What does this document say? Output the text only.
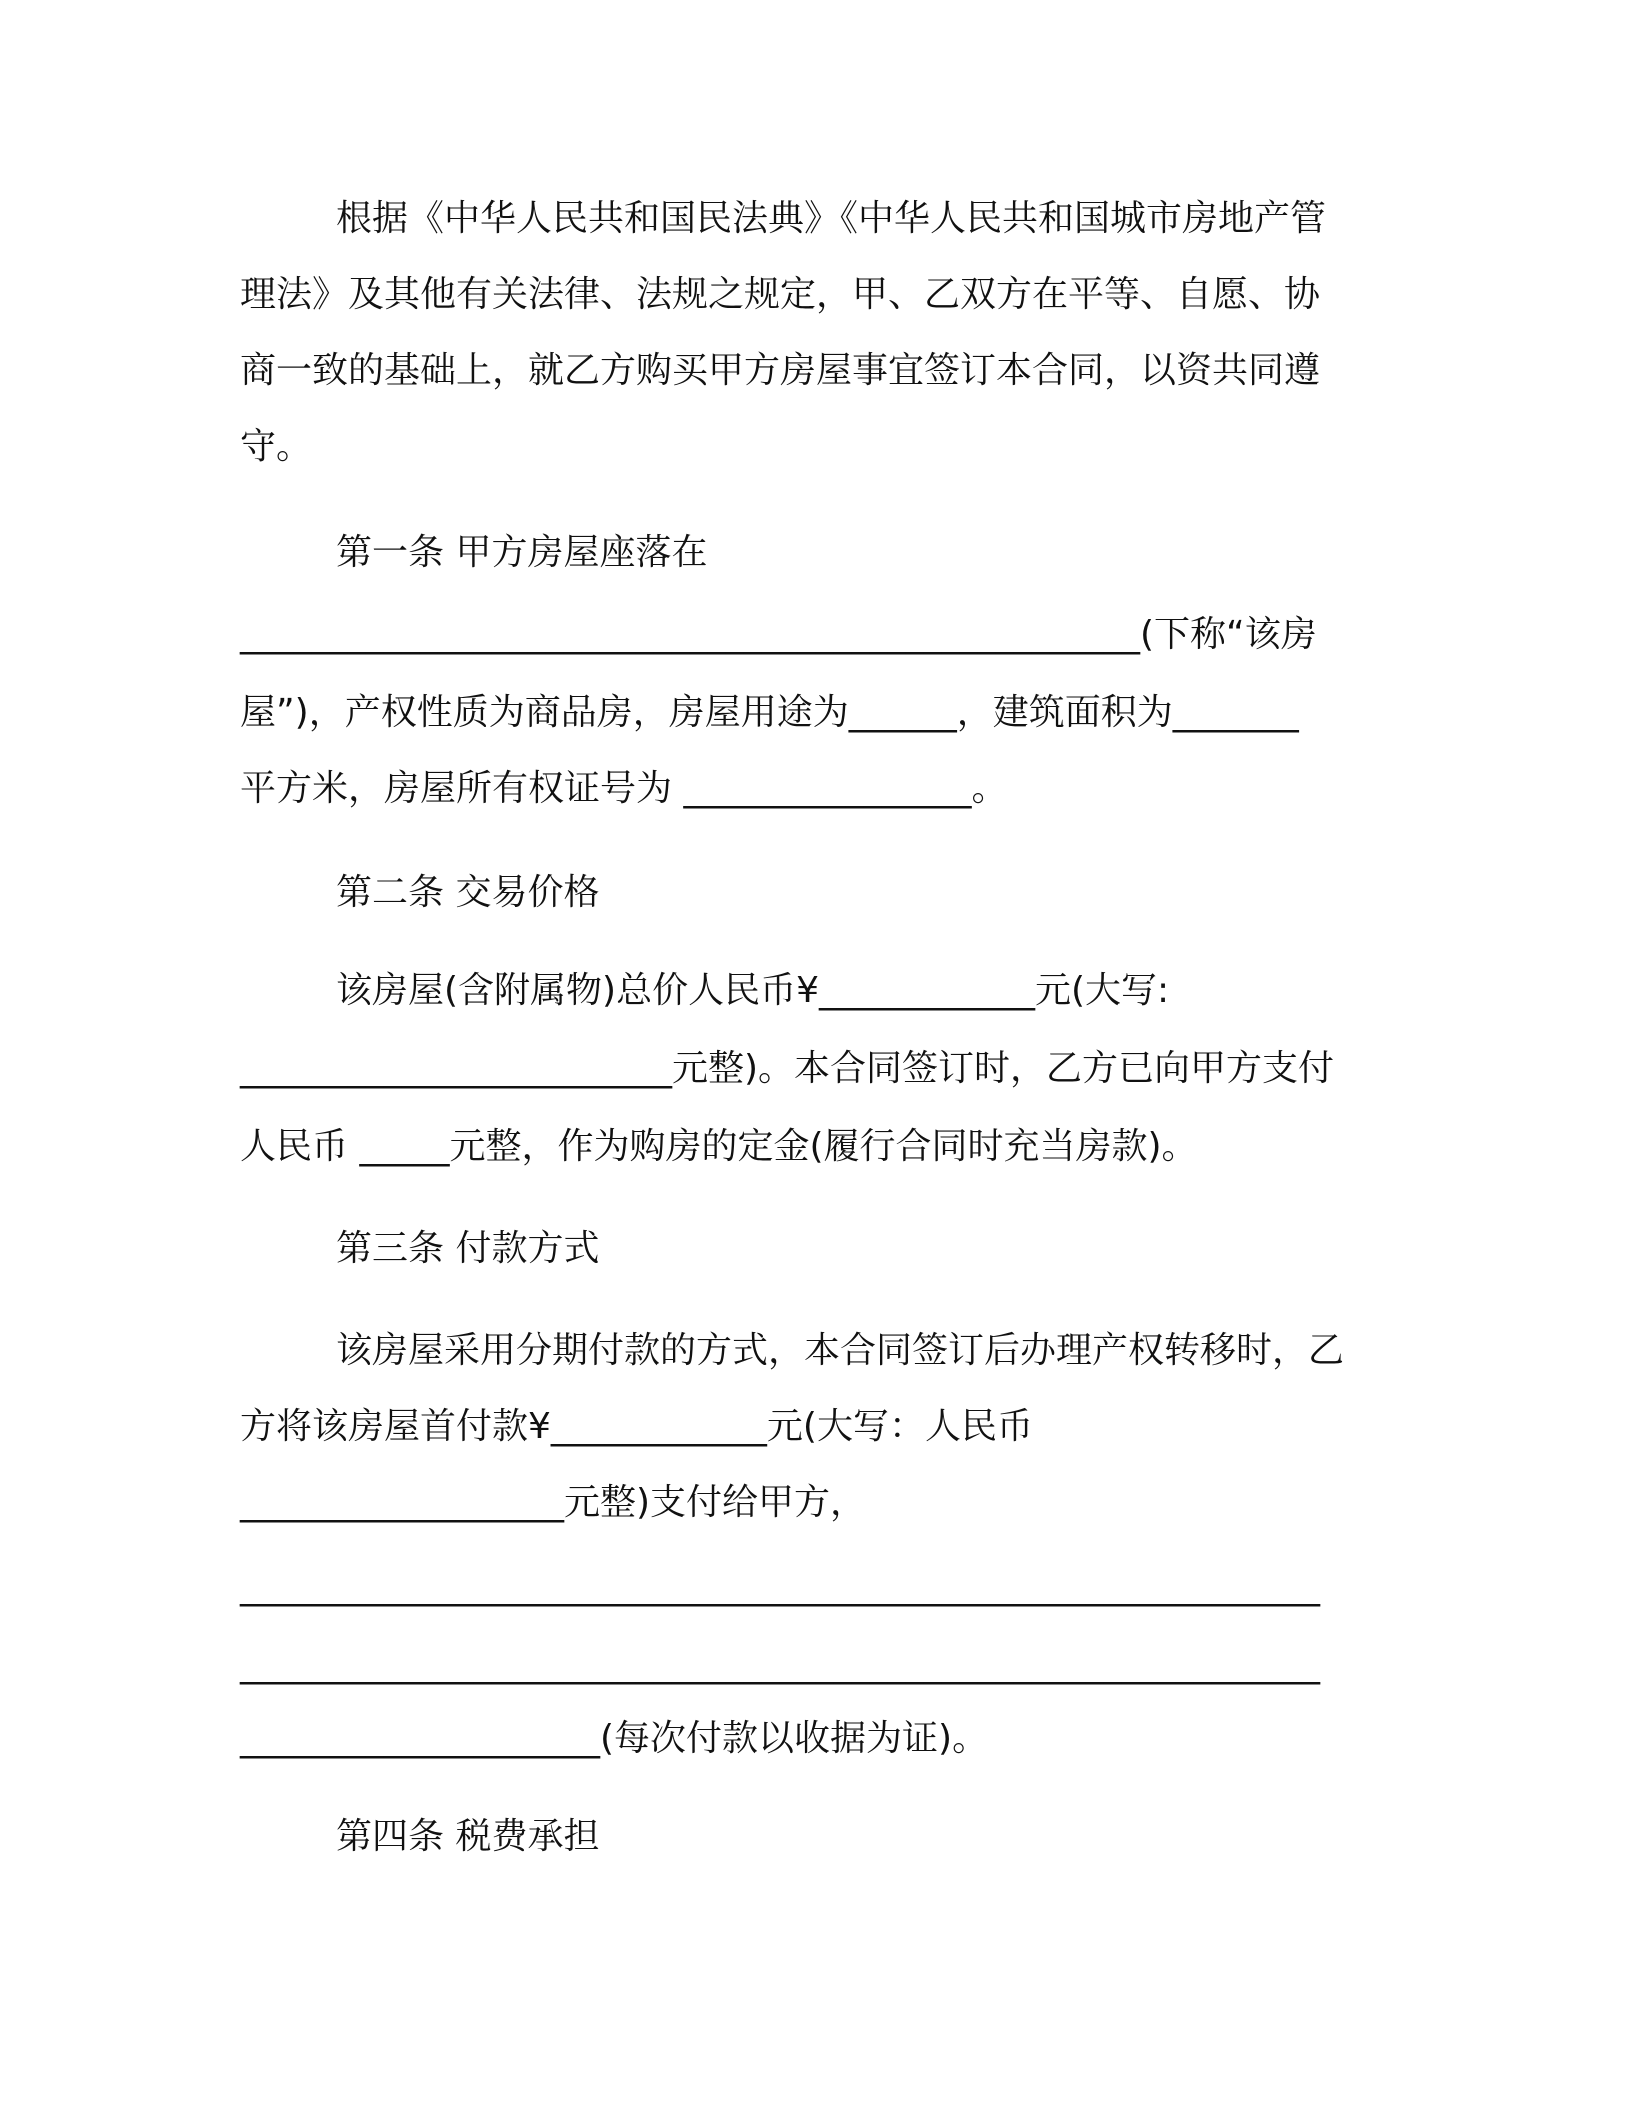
根据《中华人民共和国民法典》《中华人民共和国城市房地产管

理法》及其他有关法律、法规之规定，甲、乙双方在平等、自愿、协

商一致的基础上，就乙方购买甲方房屋事宜签订本合同，以资共同遵

守。

第一条 甲方房屋座落在

__________________________________________________(下称“该房

屋”)，产权性质为商品房，房屋用途为______，建筑面积为_______

平方米，房屋所有权证号为 ________________。

第二条 交易价格

该房屋(含附属物)总价人民币¥____________元(大写:

________________________元整)。本合同签订时，乙方已向甲方支付

人民币 _____元整，作为购房的定金(履行合同时充当房款)。

第三条 付款方式

该房屋采用分期付款的方式，本合同签订后办理产权转移时，乙

方将该房屋首付款¥____________元(大写：人民币

__________________元整)支付给甲方，

____________________________________________________________

____________________________________________________________

____________________(每次付款以收据为证)。

第四条 税费承担
